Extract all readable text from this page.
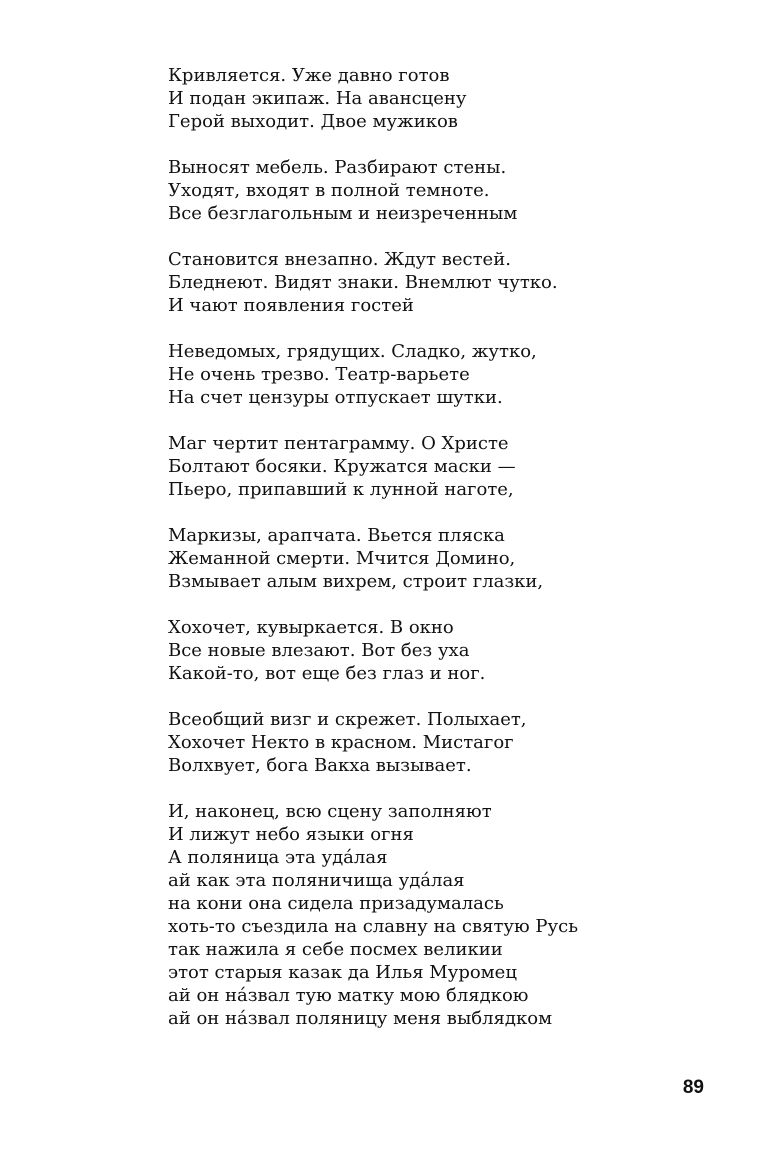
Кривляется. Уже давно готов
И подан экипаж. На авансцену
Герой выходит. Двое мужиков
Выносят мебель. Разбирают стены.
Уходят, входят в полной темноте.
Все безглагольным и неизреченным
Становится внезапно. Ждут вестей.
Бледнеют. Видят знаки. Внемлют чутко.
И чают появления гостей
Неведомых, грядущих. Сладко, жутко,
Не очень трезво. Театр-варьете
На счет цензуры отпускает шутки.
Маг чертит пентаграмму. О Христе
Болтают босяки. Кружатся маски —
Пьеро, припавший к лунной наготе,
Маркизы, арапчата. Вьется пляска
Жеманной смерти. Мчится Домино,
Взмывает алым вихрем, строит глазки,
Хохочет, кувыркается. В окно
Все новые влезают. Вот без уха
Какой-то, вот еще без глаз и ног.
Всеобщий визг и скрежет. Полыхает,
Хохочет Некто в красном. Мистагог
Волхвует, бога Вакха вызывает.
И, наконец, всю сцену заполняют
И лижут небо языки огня
А поляница эта уда́лая
ай как эта поляничища уда́лая
на кони она сидела призадумалась
хоть-то съездила на славну на святую Русь
так нажила я себе посмех великии
этот старыя казак да Илья Муромец
ай он на́звал тую матку мою блядкою
ай он на́звал поляницу меня выблядком
89
